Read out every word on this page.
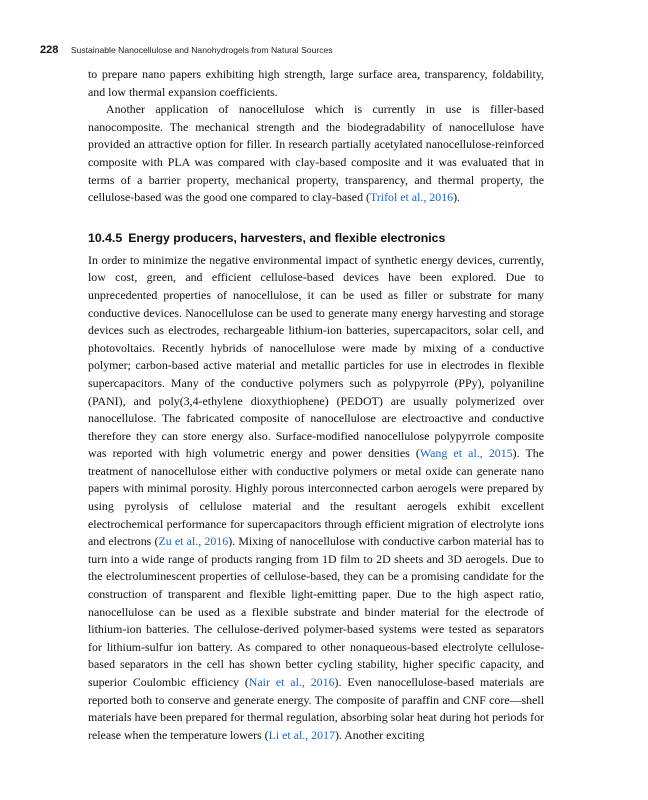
228 Sustainable Nanocellulose and Nanohydrogels from Natural Sources

to prepare nano papers exhibiting high strength, large surface area, transparency, foldability, and low thermal expansion coefficients.

Another application of nanocellulose which is currently in use is filler-based nanocomposite. The mechanical strength and the biodegradability of nanocellulose have provided an attractive option for filler. In research partially acetylated nanocellulose-reinforced composite with PLA was compared with clay-based composite and it was evaluated that in terms of a barrier property, mechanical property, transparency, and thermal property, the cellulose-based was the good one compared to clay-based (Trifol et al., 2016).

10.4.5 Energy producers, harvesters, and flexible electronics

In order to minimize the negative environmental impact of synthetic energy devices, currently, low cost, green, and efficient cellulose-based devices have been explored. Due to unprecedented properties of nanocellulose, it can be used as filler or substrate for many conductive devices. Nanocellulose can be used to generate many energy harvesting and storage devices such as electrodes, rechargeable lithium-ion batteries, supercapacitors, solar cell, and photovoltaics. Recently hybrids of nanocellulose were made by mixing of a conductive polymer; carbon-based active material and metallic particles for use in electrodes in flexible supercapacitors. Many of the conductive polymers such as polypyrrole (PPy), polyaniline (PANI), and poly(3,4-ethylene dioxythiophene) (PEDOT) are usually polymerized over nanocellulose. The fabricated composite of nanocellulose are electroactive and conductive therefore they can store energy also. Surface-modified nanocellulose polypyrrole composite was reported with high volumetric energy and power densities (Wang et al., 2015). The treatment of nanocellulose either with conductive polymers or metal oxide can generate nano papers with minimal porosity. Highly porous interconnected carbon aerogels were prepared by using pyrolysis of cellulose material and the resultant aerogels exhibit excellent electrochemical performance for supercapacitors through efficient migration of electrolyte ions and electrons (Zu et al., 2016). Mixing of nanocellulose with conductive carbon material has to turn into a wide range of products ranging from 1D film to 2D sheets and 3D aerogels. Due to the electroluminescent properties of cellulose-based, they can be a promising candidate for the construction of transparent and flexible light-emitting paper. Due to the high aspect ratio, nanocellulose can be used as a flexible substrate and binder material for the electrode of lithium-ion batteries. The cellulose-derived polymer-based systems were tested as separators for lithium-sulfur ion battery. As compared to other nonaqueous-based electrolyte cellulose-based separators in the cell has shown better cycling stability, higher specific capacity, and superior Coulombic efficiency (Nair et al., 2016). Even nanocellulose-based materials are reported both to conserve and generate energy. The composite of paraffin and CNF core—shell materials have been prepared for thermal regulation, absorbing solar heat during hot periods for release when the temperature lowers (Li et al., 2017). Another exciting
